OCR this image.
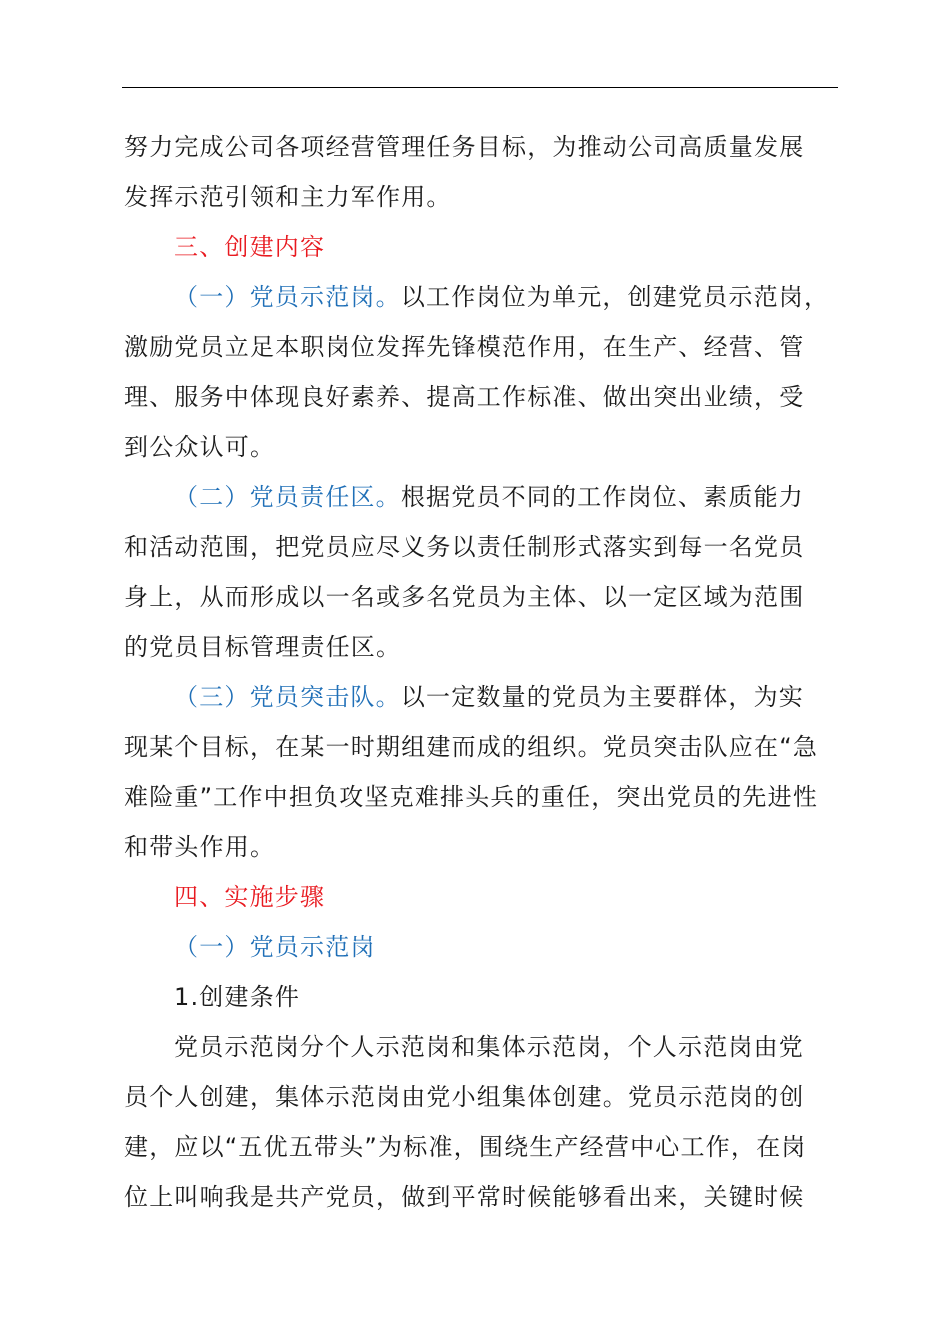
努力完成公司各项经营管理任务目标，为推动公司高质量发展
发挥示范引领和主力军作用。
三、创建内容
（一）党员示范岗。以工作岗位为单元，创建党员示范岗，
激励党员立足本职岗位发挥先锋模范作用，在生产、经营、管
理、服务中体现良好素养、提高工作标准、做出突出业绩，受
到公众认可。
（二）党员责任区。根据党员不同的工作岗位、素质能力
和活动范围，把党员应尽义务以责任制形式落实到每一名党员
身上，从而形成以一名或多名党员为主体、以一定区域为范围
的党员目标管理责任区。
（三）党员突击队。以一定数量的党员为主要群体，为实
现某个目标，在某一时期组建而成的组织。党员突击队应在“急
难险重”工作中担负攻坚克难排头兵的重任，突出党员的先进性
和带头作用。
四、实施步骤
（一）党员示范岗
1.创建条件
党员示范岗分个人示范岗和集体示范岗，个人示范岗由党
员个人创建，集体示范岗由党小组集体创建。党员示范岗的创
建，应以“五优五带头”为标准，围绕生产经营中心工作，在岗
位上叫响我是共产党员，做到平常时候能够看出来，关键时候
